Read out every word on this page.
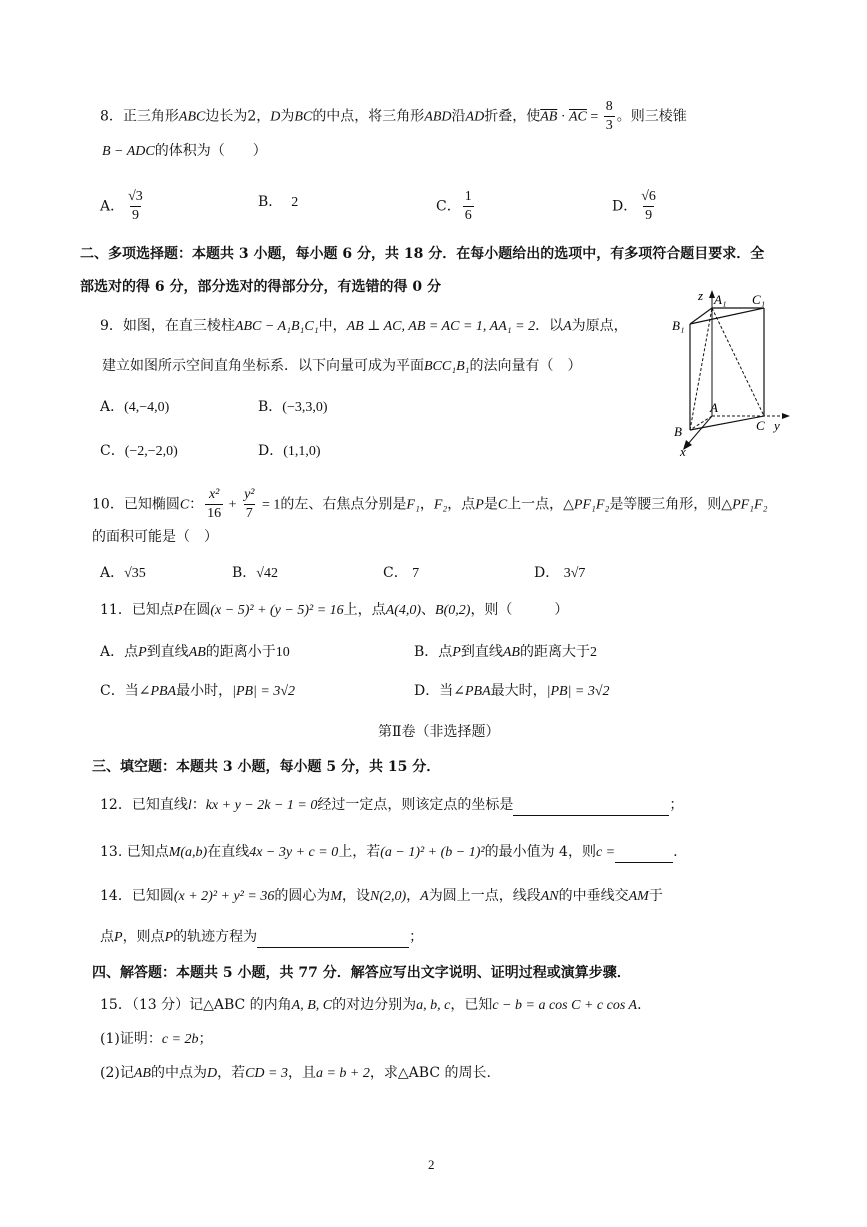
8．正三角形ABC边长为2，D为BC的中点，将三角形ABD沿AD折叠，使$\overline{AB} \cdot \overline{AC} = \frac{8}{3}$ 。则三棱锥
B − ADC的体积为（　　）
A． $\frac{√3}{9}$	B． 2	C． $\frac{1}{6}$	D． $\frac{√6}{9}$
二、多项选择题：本题共 3 小题，每小题 6 分，共 18 分．在每小题给出的选项中，有多项符合题目要求．全
部选对的得 6 分，部分选对的得部分分，有选错的得 0 分
9．如图，在直三棱柱ABC − A₁B₁C₁中，AB ⊥ AC, AB = AC = 1, AA₁ = 2．以A为原点，
建立如图所示空间直角坐标系．以下向量可成为平面BCC₁B₁的法向量有（　）
A．(4,−4,0)	B．(−3,3,0)
C．(−2,−2,0)	D．(1,1,0)
z A₁ C₁
B₁
A
B	C y
x
10．已知椭圆C： $\frac{\text{x²}}{16} + \frac{\text{y²}}{7} = 1$的左、右焦点分别是F₁，F₂，点P是C上一点，△PF₁F₂是等腰三角形，则△PF₁F₂
的面积可能是（　）
A．√35	B．√42	C． 7	D． 3√7
11．已知点P在圆(x − 5)² + (y − 5)² = 16上，点A(4,0)、B(0,2)，则（　　　）
A．点P到直线AB的距离小于10	B．点P到直线AB的距离大于2
C．当∠PBA最小时，|PB| = 3√2	D．当∠PBA最大时，|PB| = 3√2
第Ⅱ卷（非选择题）
三、填空题：本题共 3 小题，每小题 5 分，共 15 分．
12．已知直线l：kx + y − 2k − 1 = 0经过一定点，则该定点的坐标是	；
13. 已知点M(a,b)在直线4x − 3y + c = 0上，若(a − 1)² + (b − 1)²的最小值为 4，则c =	.
14．已知圆(x + 2)² + y² = 36的圆心为M，设N(2,0)，A为圆上一点，线段AN的中垂线交AM于
点P，则点P的轨迹方程为	；
四、解答题：本题共 5 小题，共 77 分．解答应写出文字说明、证明过程或演算步骤．
15．（13 分）记△ABC 的内角A, B, C的对边分别为a, b, c，已知c − b = a cos C + c cos A．
(1)证明：c = 2b；
(2)记AB的中点为D，若CD = 3，且a = b + 2，求△ABC 的周长.
2
